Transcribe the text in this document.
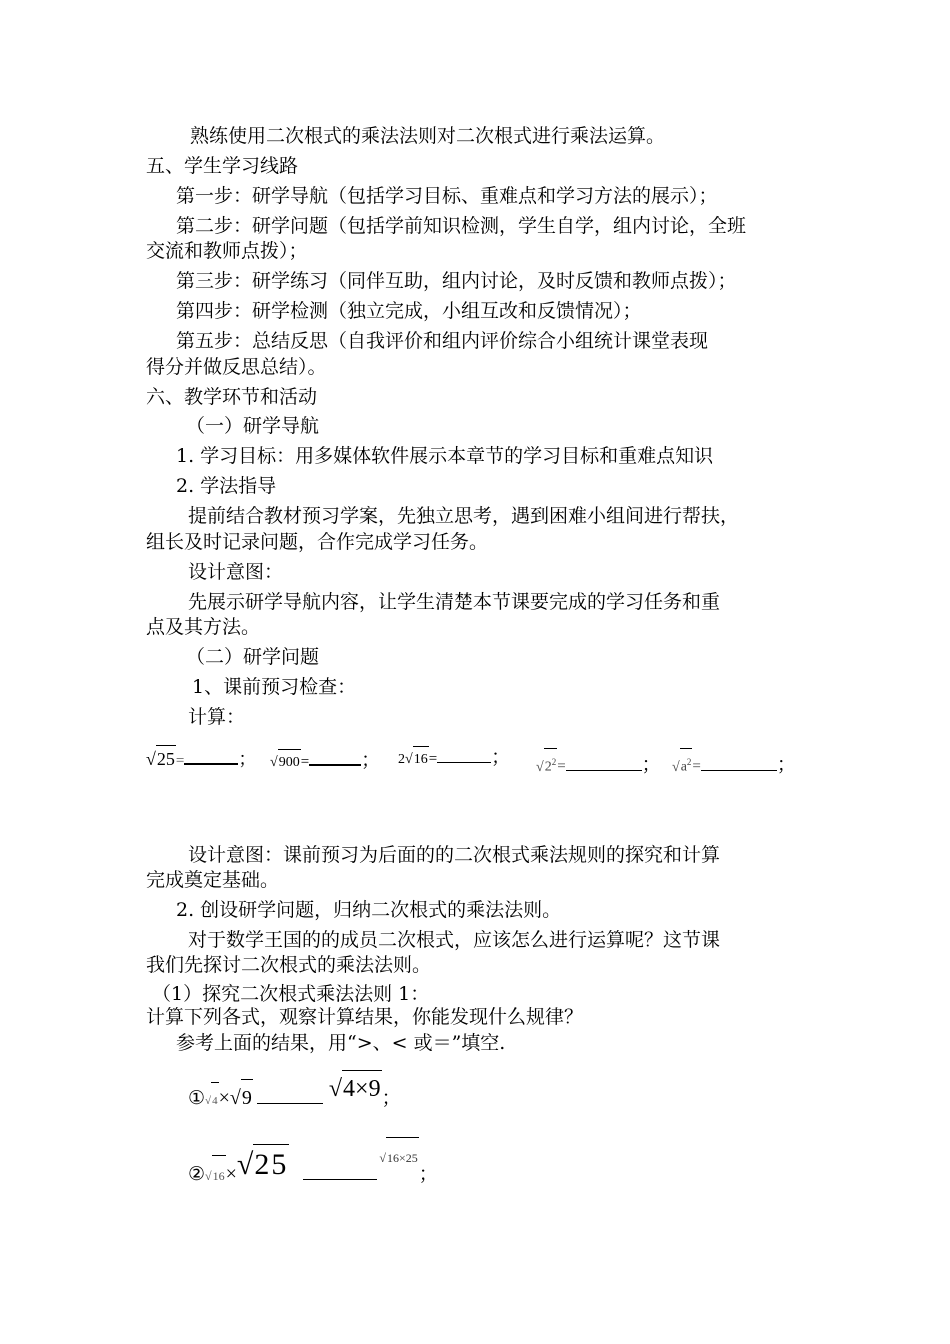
熟练使用二次根式的乘法法则对二次根式进行乘法运算。
五、学生学习线路
第一步：研学导航（包括学习目标、重难点和学习方法的展示）；
第二步：研学问题（包括学前知识检测，学生自学，组内讨论，全班
交流和教师点拨）；
第三步：研学练习（同伴互助，组内讨论，及时反馈和教师点拨）；
第四步：研学检测（独立完成，小组互改和反馈情况）；
第五步：总结反思（自我评价和组内评价综合小组统计课堂表现
得分并做反思总结）。
六、教学环节和活动
（一）研学导航
1. 学习目标：用多媒体软件展示本章节的学习目标和重难点知识
2. 学法指导
提前结合教材预习学案，先独立思考，遇到困难小组间进行帮扶，
组长及时记录问题，合作完成学习任务。
设计意图：
先展示研学导航内容，让学生清楚本节课要完成的学习任务和重
点及其方法。
（二）研学问题
1、课前预习检查：
计算：
√25=	； √900=	； 2√16=	； $√2^2=$	； $√a^2=$	；
设计意图：课前预习为后面的的二次根式乘法规则的探究和计算
完成奠定基础。
2. 创设研学问题，归纳二次根式的乘法法则。
对于数学王国的的成员二次根式，应该怎么进行运算呢？这节课
我们先探讨二次根式的乘法法则。
（1）探究二次根式乘法法则 1：
计算下列各式，观察计算结果，你能发现什么规律？
参考上面的结果，用“>、< 或＝”填空.
①√4×√9	√4×9；
②√16×√25	√16×25；
